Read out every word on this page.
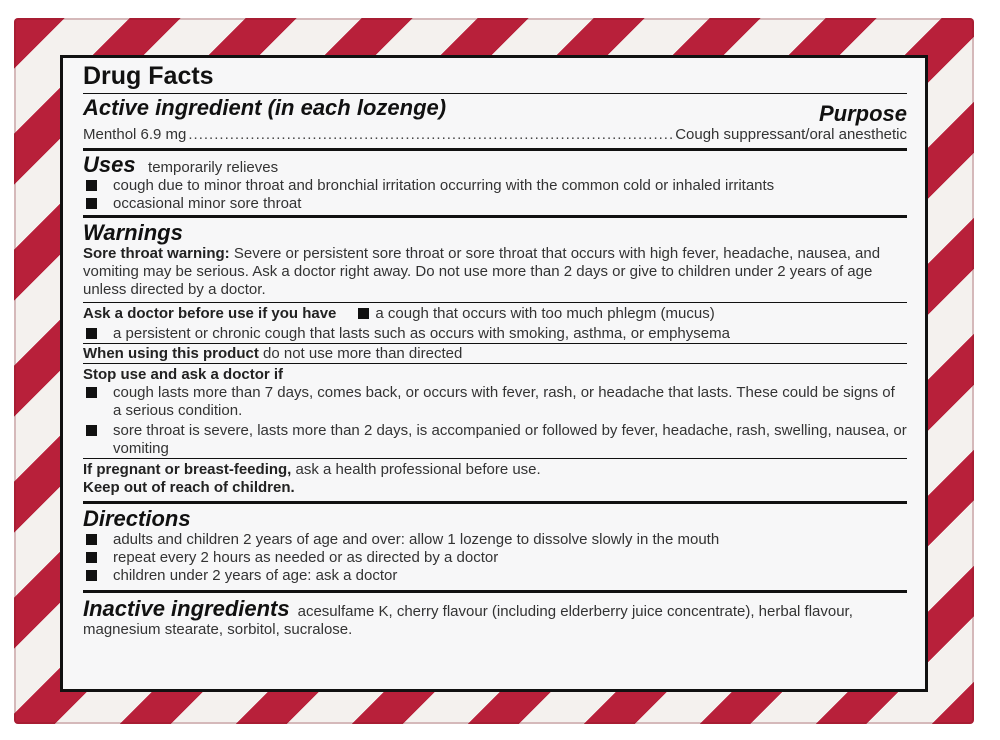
FISHERMAN'S FRIEND
Drug Facts
Active ingredient (in each lozenge)	Purpose
Menthol 6.9 mg
.....	Cough suppressant/oral anesthetic
Uses temporarily relieves
cough due to minor throat and bronchial irritation occurring with the common cold or inhaled irritants
occasional minor sore throat
Warnings
Sore throat warning: Severe or persistent sore throat or sore throat that occurs with high fever, headache, nausea, and vomiting may be serious. Ask a doctor right away. Do not use more than 2 days or give to children under 2 years of age unless directed by a doctor.
Ask a doctor before use if you have	a cough that occurs with too much phlegm (mucus)
a persistent or chronic cough that lasts such as occurs with smoking, asthma, or emphysema
When using this product do not use more than directed
Stop use and ask a doctor if
cough lasts more than 7 days, comes back, or occurs with fever, rash, or headache that lasts. These could be signs of a serious condition.
sore throat is severe, lasts more than 2 days, is accompanied or followed by fever, headache, rash, swelling, nausea, or vomiting
If pregnant or breast-feeding, ask a health professional before use.
Keep out of reach of children.
Directions
adults and children 2 years of age and over: allow 1 lozenge to dissolve slowly in the mouth
repeat every 2 hours as needed or as directed by a doctor
children under 2 years of age: ask a doctor
Inactive ingredients acesulfame K, cherry flavour (including elderberry juice concentrate), herbal flavour, magnesium stearate, sorbitol, sucralose.
